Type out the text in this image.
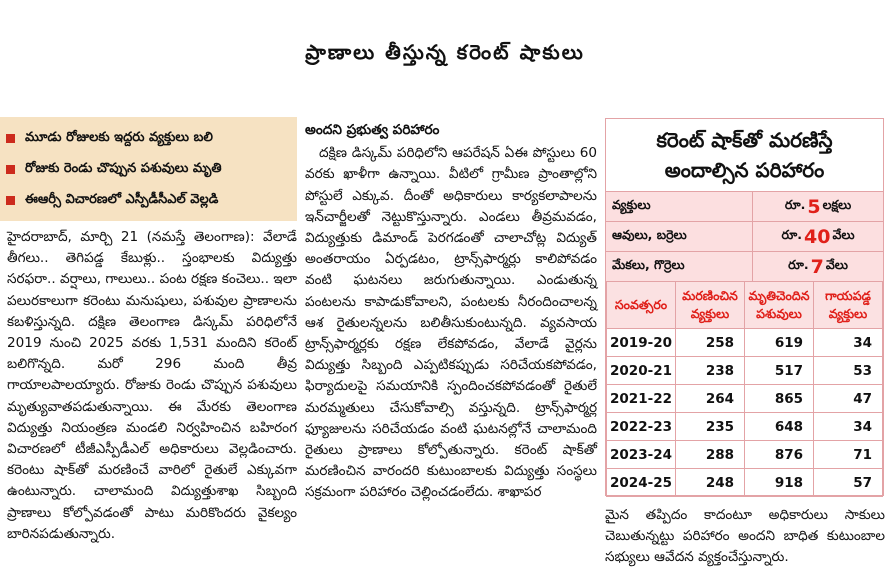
ప్రాణాలు తీస్తున్న కరెంట్ షాకులు
మూడు రోజులకు ఇద్దరు వ్యక్తులు బలి
రోజుకు రెండు చొప్పున పశువులు మృతి
ఈఆర్సీ విచారణలో ఎస్పీడీసీఎల్ వెల్లడి
హైదరాబాద్, మార్చి 21 (నమస్తే తెలంగాణ): వేలాడే తీగలు.. తెగిపడ్డ కేబుళ్లు.. స్తంభాలకు విద్యుత్తు సరఫరా.. వర్షాలు, గాలులు.. పంట రక్షణ కంచెలు.. ఇలా పలురకాలుగా కరెంటు మనుషులు, పశువుల ప్రాణాలను కబళిస్తున్నది. దక్షిణ తెలంగాణ డిస్కమ్ పరిధిలోనే 2019 నుంచి 2025 వరకు 1,531 మందిని కరెంట్ బలిగొన్నది. మరో 296 మంది తీవ్ర గాయాలపాలయ్యారు. రోజుకు రెండు చొప్పున పశువులు మృత్యువాతపడుతున్నాయి. ఈ మేరకు తెలంగాణ విద్యుత్తు నియంత్రణ మండలి నిర్వహించిన బహిరంగ విచారణలో టీజీఎస్పీడీఎల్ అధికారులు వెల్లడించారు. కరెంటు షాక్‌తో మరణించే వారిలో రైతులే ఎక్కువగా ఉంటున్నారు. చాలామంది విద్యుత్తుశాఖ సిబ్బంది ప్రాణాలు కోల్పోవడంతో పాటు మరికొందరు వైకల్యం బారినపడుతున్నారు.
అందని ప్రభుత్వ పరిహారం
దక్షిణ డిస్కమ్ పరిధిలోని ఆపరేషన్ ఏఈ పోస్టులు 60 వరకు ఖాళీగా ఉన్నాయి. వీటిలో గ్రామీణ ప్రాంతాల్లోని పోస్టులే ఎక్కువ. దీంతో అధికారులు కార్యకలాపాలను ఇన్‌చార్జీలతో నెట్టుకొస్తున్నారు. ఎండలు తీవ్రమవడం, విద్యుత్తుకు డిమాండ్ పెరగడంతో చాలాచోట్ల విద్యుత్ అంతరాయం ఏర్పడటం, ట్రాన్స్‌ఫార్మర్లు కాలిపోవడం వంటి ఘటనలు జరుగుతున్నాయి. ఎండుతున్న పంటలను కాపాడుకోవాలని, పంటలకు నీరందించాలన్న ఆశ రైతులన్నలను బలితీసుకుంటున్నది. వ్యవసాయ ట్రాన్స్‌ఫార్మర్లకు రక్షణ లేకపోవడం, వేలాడే వైర్లను విద్యుత్తు సిబ్బంది ఎప్పటికప్పుడు సరిచేయకపోవడం, ఫిర్యాదులపై సమయానికి స్పందించకపోవడంతో రైతులే మరమ్మతులు చేసుకోవాల్సి వస్తున్నది. ట్రాన్స్‌ఫార్మర్ల ఫ్యూజులను సరిచేయడం వంటి ఘటనల్లోనే చాలామంది రైతులు ప్రాణాలు కోల్పోతున్నారు. కరెంట్ షాక్‌తో మరణించిన వారందరి కుటుంబాలకు విద్యుత్తు సంస్థలు సక్రమంగా పరిహారం చెల్లించడంలేదు. శాఖాపర
కరెంట్ షాక్‌తో మరణిస్తే
అందాల్సిన పరిహారం
వ్యక్తులు	రూ. 5 లక్షలు
ఆవులు, బర్రెలు	రూ. 40 వేలు
మేకలు, గొర్రెలు	రూ. 7 వేలు
సంవత్సరం	మరణించిన వ్యక్తులు	మృతిచెందిన పశువులు	గాయపడ్డ వ్యక్తులు
2019-20	258	619	34
2020-21	238	517	53
2021-22	264	865	47
2022-23	235	648	34
2023-24	288	876	71
2024-25	248	918	57
మైన తప్పిదం కాదంటూ అధికారులు సాకులు చెబుతున్నట్టు పరిహారం అందని బాధిత కుటుంబాల సభ్యులు ఆవేదన వ్యక్తంచేస్తున్నారు.
